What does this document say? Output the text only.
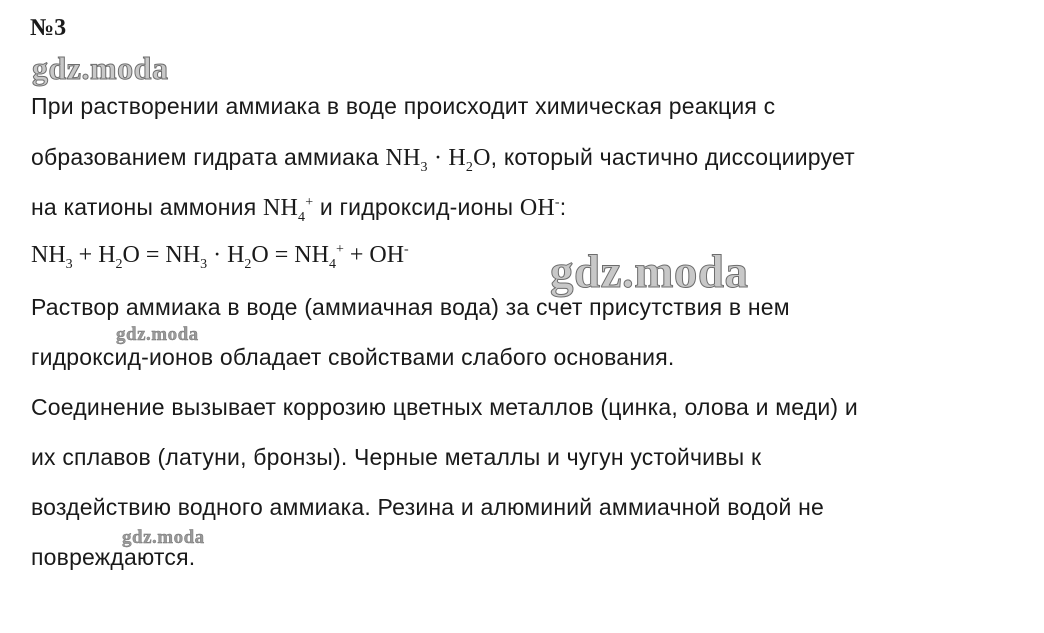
№3

При растворении аммиака в воде происходит химическая реакция с

образованием гидрата аммиака $NH_3 \cdot H_2O$, который частично диссоциирует

на катионы аммония $NH_4^+$ и гидроксид-ионы OH-:

$NH_3 + H_2O = NH_3 \cdot H_2O = NH_4^+ + OH^-$

Раствор аммиака в воде (аммиачная вода) за счет присутствия в нем

гидроксид-ионов обладает свойствами слабого основания.

Соединение вызывает коррозию цветных металлов (цинка, олова и меди) и

их сплавов (латуни, бронзы). Черные металлы и чугун устойчивы к

воздействию водного аммиака. Резина и алюминий аммиачной водой не

повреждаются.

gdz.moda

gdz.moda

gdz.moda

gdz.moda
